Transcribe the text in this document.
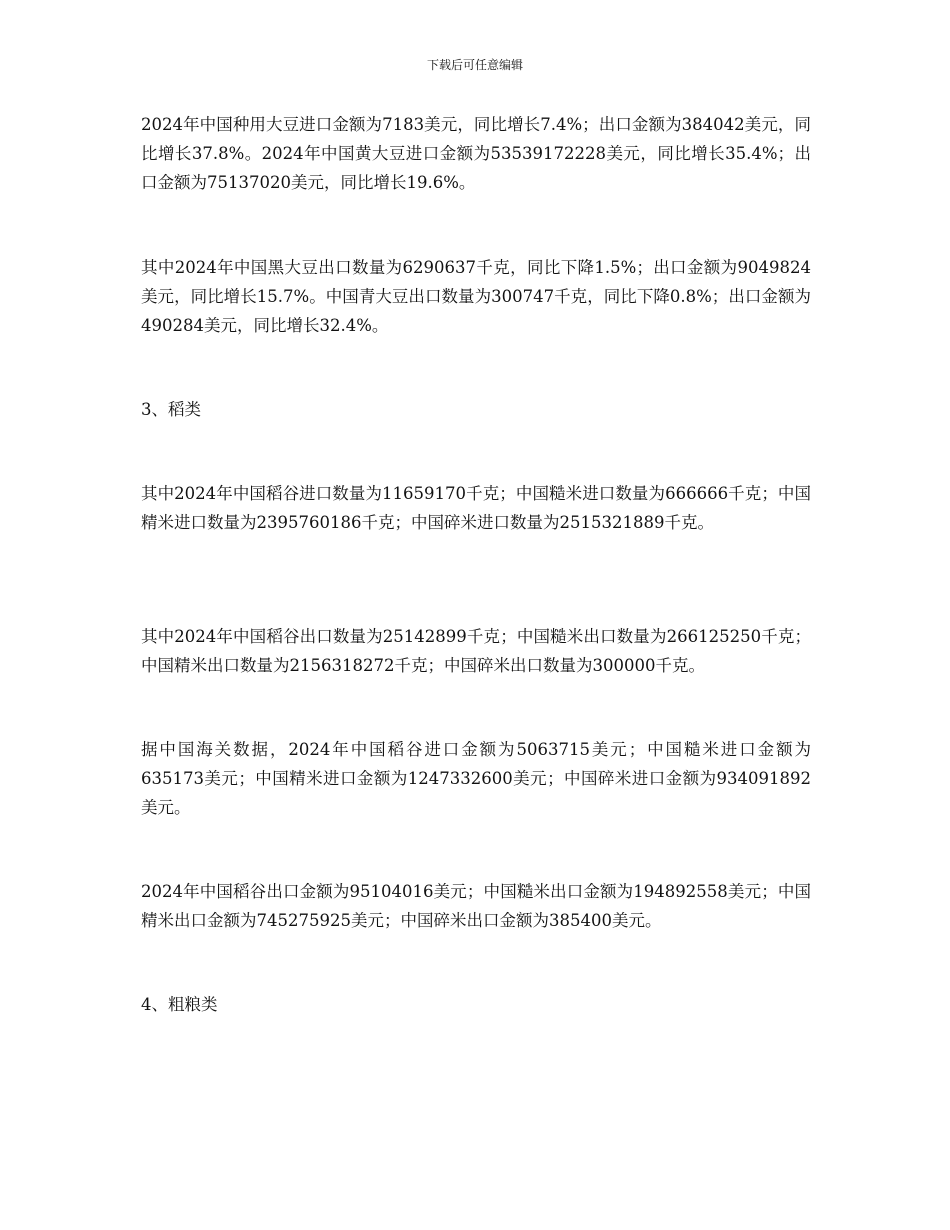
下载后可任意编辑
2024年中国种用大豆进口金额为7183美元，同比增长7.4%；出口金额为384042美元，同比增长37.8%。2024年中国黄大豆进口金额为53539172228美元，同比增长35.4%；出口金额为75137020美元，同比增长19.6%。
其中2024年中国黑大豆出口数量为6290637千克，同比下降1.5%；出口金额为9049824美元，同比增长15.7%。中国青大豆出口数量为300747千克，同比下降0.8%；出口金额为490284美元，同比增长32.4%。
3、稻类
其中2024年中国稻谷进口数量为11659170千克；中国糙米进口数量为666666千克；中国精米进口数量为2395760186千克；中国碎米进口数量为2515321889千克。
其中2024年中国稻谷出口数量为25142899千克；中国糙米出口数量为266125250千克；中国精米出口数量为2156318272千克；中国碎米出口数量为300000千克。
据中国海关数据，2024年中国稻谷进口金额为5063715美元；中国糙米进口金额为635173美元；中国精米进口金额为1247332600美元；中国碎米进口金额为934091892美元。
2024年中国稻谷出口金额为95104016美元；中国糙米出口金额为194892558美元；中国精米出口金额为745275925美元；中国碎米出口金额为385400美元。
4、粗粮类
